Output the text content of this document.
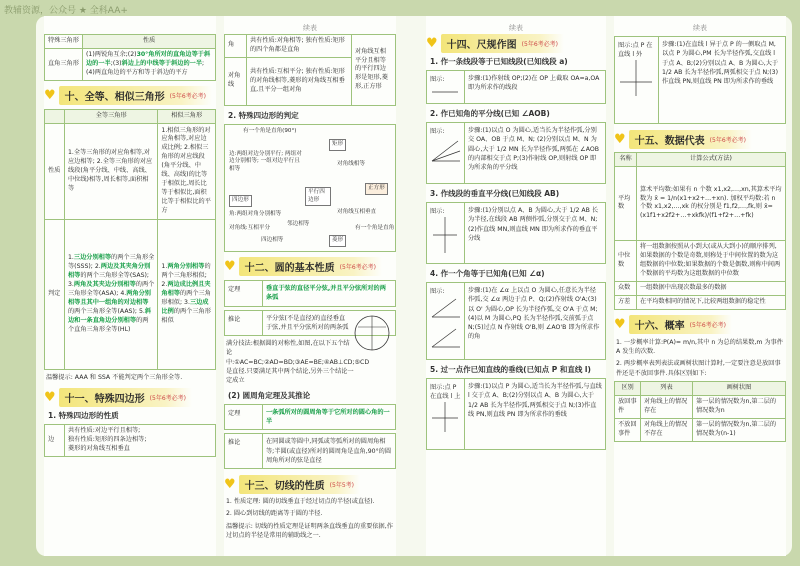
教辅资源，公众号 ★ 全科AA+
特殊三角形	性质
直角三角形	(1)两锐角互余;(2)30°角所对的直角边等于斜边的一半;(3)斜边上的中线等于斜边的一半;(4)两直角边的平方和等于斜边的平方
♥ 十、全等、相似三角形 (5年6考必考)
	全等三角形	相似三角形
性质	1.全等三角形的对应角相等,对应边相等; 2.全等三角形的对应线段(角平分线、中线、高线、中位线)相等,周长相等,面积相等	1.相似三角形的对应角相等,对应边成比例; 2.相似三角形的对应线段(角平分线、中线、高线)的比等于相似比,周长比等于相似比,面积比等于相似比的平方
判定	1.三边分别相等的两个三角形全等(SSS); 2.两边及其夹角分别相等的两个三角形全等(SAS); 3.两角及其夹边分别相等的两个三角形全等(ASA); 4.两角分别相等且其中一组角的对边相等的两个三角形全等(AAS); 5.斜边和一条直角边分别相等的两个直角三角形全等(HL)	1.两角分别相等的两个三角形相似; 2.两边成比例且夹角相等的两个三角形相似; 3.三边成比例的两个三角形相似
温馨提示: AAA 和 SSA 不能判定两个三角形全等.
♥ 十一、特殊四边形 (5年6考必考)
1. 特殊四边形的性质
边	
共有性质:对边平行且相等;
独有性质:矩形的四条边相等;
菱形的对角线互相垂直
续表
角	共有性质:对角相等; 独有性质:矩形的四个角都是直角	对角线互相平分且相等的平行四边形是矩形,菱形,正方形
对角线	共有性质:互相平分; 独有性质:矩形的对角线相等,菱形的对角线互相垂直,且平分一组对角	
2. 特殊四边形的判定
有一个角是直角(90°)
矩形
正方形
菱形
平行四边形
四边形
边:两组对边分别平行; 两组对边分别相等; 一组对边平行且相等
角:两组对角分别相等
对角线:互相平分
对角线相等
邻边相等
对角线互相垂直
有一个角是直角
四边相等
♥ 十二、圆的基本性质 (5年6考必考)
定理	垂直于弦的直径平分弦,并且平分弦所对的两条弧
推论	平分弦(不是直径)的直径垂直于弦,并且平分弦所对的两条弧
满分技法:根据圆的对称性,如图,在以下五个结论中:①AC=BC;②AD=BD;③AE=BE;④AB⊥CD;⑤CD是直径.只要满足其中两个结论,另外三个结论一定成立
(2) 圆周角定理及其推论
定理	一条弧所对的圆周角等于它所对的圆心角的一半
推论	在同圆或等圆中,同弧或等弧所对的圆周角相等;半圆(或直径)所对的圆周角是直角,90°的圆周角所对的弦是直径
♥ 十三、切线的性质 (5年5考)
1. 性质定理: 圆的切线垂直于经过切点的半径(或直径).
2. 圆心到切线的距离等于圆的半径.
温馨提示: 切线的性质定理是证明两条直线垂直的重要依据,作过切点的半径是常用的辅助线之一.
续表
♥ 十四、尺规作图 (5年6考必考)
1. 作一条线段等于已知线段(已知线段 a)
图示:	步骤:(1)作射线 OP;(2)在 OP 上截取 OA=a,OA 即为所求作的线段
2. 作已知角的平分线(已知 ∠AOB)
图示:	步骤:(1)以点 O 为圆心,适当长为半径作弧,分别交 OA、OB 于点 M、N; (2)分别以点 M、N 为圆心,大于 1/2 MN 长为半径作弧,两弧在 ∠AOB 的内部相交于点 P;(3)作射线 OP,则射线 OP 即为所求角的平分线
3. 作线段的垂直平分线(已知线段 AB)
图示:	步骤:(1)分别以点 A、B 为圆心,大于 1/2 AB 长为半径,在线段 AB 两侧作弧,分别交于点 M、N;(2)作直线 MN,则直线 MN 即为所求作的垂直平分线
4. 作一个角等于已知角(已知 ∠α)
图示:	步骤:(1)在 ∠α 上以点 O 为圆心,任意长为半径作弧,交 ∠α 两边于点 P、Q;(2)作射线 O'A;(3)以 O' 为圆心,OP 长为半径作弧,交 O'A 于点 M;(4)以 M 为圆心,PQ 长为半径作弧,交前弧于点 N;(5)过点 N 作射线 O'B,则 ∠AO'B 即为所求作的角
5. 过一点作已知直线的垂线(已知点 P 和直线 l)
图示:点 P 在直线 l 上
步骤:(1)以点 P 为圆心,适当长为半径作弧,与直线 l 交于点 A、B;(2)分别以点 A、B 为圆心,大于 1/2 AB 长为半径作弧,两弧相交于点 N;(3)作直线 PN,则直线 PN 即为所求作的垂线
续表
图示:点 P 在直线 l 外
步骤:(1)在直线 l 异于点 P 的一侧取点 M,以点 P 为圆心,PM 长为半径作弧,交直线 l 于点 A、B;(2)分别以点 A、B 为圆心,大于 1/2 AB 长为半径作弧,两弧相交于点 N;(3)作直线 PN,则直线 PN 即为所求作的垂线
♥ 十五、数据代表 (5年6考必考)
名称	计算公式(方法)
平均数	算术平均数:如果有 n 个数 x1,x2,…,xn,其算术平均数为 x̄ = 1/n(x1+x2+…+xn). 加权平均数:若 n 个数 x1,x2,…,xk 的权分别是 f1,f2,…,fk,则 x̄=(x1f1+x2f2+…+xkfk)/(f1+f2+…+fk)
中位数	将一组数据按照从小到大(或从大到小)的顺序排列,如果数据的个数是奇数,则称处于中间位置的数为这组数据的中位数;如果数据的个数是偶数,则称中间两个数据的平均数为这组数据的中位数
众数	一组数据中出现次数最多的数据
方差	在平均数相同的情况下,比较两组数据的稳定性
♥ 十六、概率 (5年6考必考)
1. 一步概率计算:P(A)= m/n,其中 n 为总的结果数,m 为事件 A 发生的次数.
2. 两步概率表列表法或画树状图计算时,一定要注意是放回事件还是不放回事件.具体区别如下:
区别	列表	画树状图
放回事件	对角线上的情况存在	第一层的情况数为n,第二层的情况数为n
不放回事件	对角线上的情况不存在	第一层的情况数为n,第二层的情况数为(n-1)
